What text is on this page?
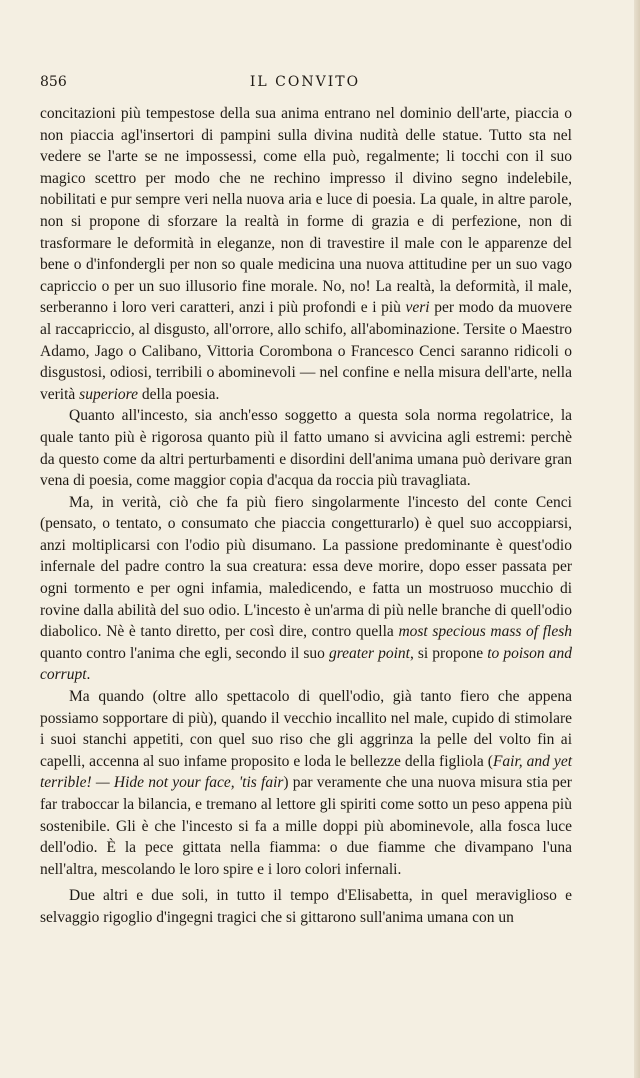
856	IL CONVITO

concitazioni più tempestose della sua anima entrano nel dominio dell'arte, piaccia o non piaccia agl'insertori di pampini sulla divina nudità delle statue. Tutto sta nel vedere se l'arte se ne impossessi, come ella può, regalmente; li tocchi con il suo magico scettro per modo che ne rechino impresso il divino segno indelebile, nobilitati e pur sempre veri nella nuova aria e luce di poesia. La quale, in altre parole, non si propone di sforzare la realtà in forme di grazia e di perfezione, non di trasformare le deformità in eleganze, non di travestire il male con le apparenze del bene o d'infondergli per non so quale medicina una nuova attitudine per un suo vago capriccio o per un suo illusorio fine morale. No, no! La realtà, la deformità, il male, serberanno i loro veri caratteri, anzi i più profondi e i più veri per modo da muovere al raccapriccio, al disgusto, all'orrore, allo schifo, all'abominazione. Tersite o Maestro Adamo, Jago o Calibano, Vittoria Corombona o Francesco Cenci saranno ridicoli o disgustosi, odiosi, terribili o abominevoli — nel confine e nella misura dell'arte, nella verità superiore della poesia.

Quanto all'incesto, sia anch'esso soggetto a questa sola norma regolatrice, la quale tanto più è rigorosa quanto più il fatto umano si avvicina agli estremi: perchè da questo come da altri perturbamenti e disordini dell'anima umana può derivare gran vena di poesia, come maggior copia d'acqua da roccia più travagliata.

Ma, in verità, ciò che fa più fiero singolarmente l'incesto del conte Cenci (pensato, o tentato, o consumato che piaccia congetturarlo) è quel suo accoppiarsi, anzi moltiplicarsi con l'odio più disumano. La passione predominante è quest'odio infernale del padre contro la sua creatura: essa deve morire, dopo esser passata per ogni tormento e per ogni infamia, maledicendo, e fatta un mostruoso mucchio di rovine dalla abilità del suo odio. L'incesto è un'arma di più nelle branche di quell'odio diabolico. Nè è tanto diretto, per così dire, contro quella most specious mass of flesh quanto contro l'anima che egli, secondo il suo greater point, si propone to poison and corrupt.

Ma quando (oltre allo spettacolo di quell'odio, già tanto fiero che appena possiamo sopportare di più), quando il vecchio incallito nel male, cupido di stimolare i suoi stanchi appetiti, con quel suo riso che gli aggrinza la pelle del volto fin ai capelli, accenna al suo infame proposito e loda le bellezze della figliola (Fair, and yet terrible! — Hide not your face, 'tis fair) par veramente che una nuova misura stia per far traboccar la bilancia, e tremano al lettore gli spiriti come sotto un peso appena più sostenibile. Gli è che l'incesto si fa a mille doppi più abominevole, alla fosca luce dell'odio. È la pece gittata nella fiamma: o due fiamme che divampano l'una nell'altra, mescolando le loro spire e i loro colori infernali.

Due altri e due soli, in tutto il tempo d'Elisabetta, in quel meraviglioso e selvaggio rigoglio d'ingegni tragici che si gittarono sull'anima umana con un
